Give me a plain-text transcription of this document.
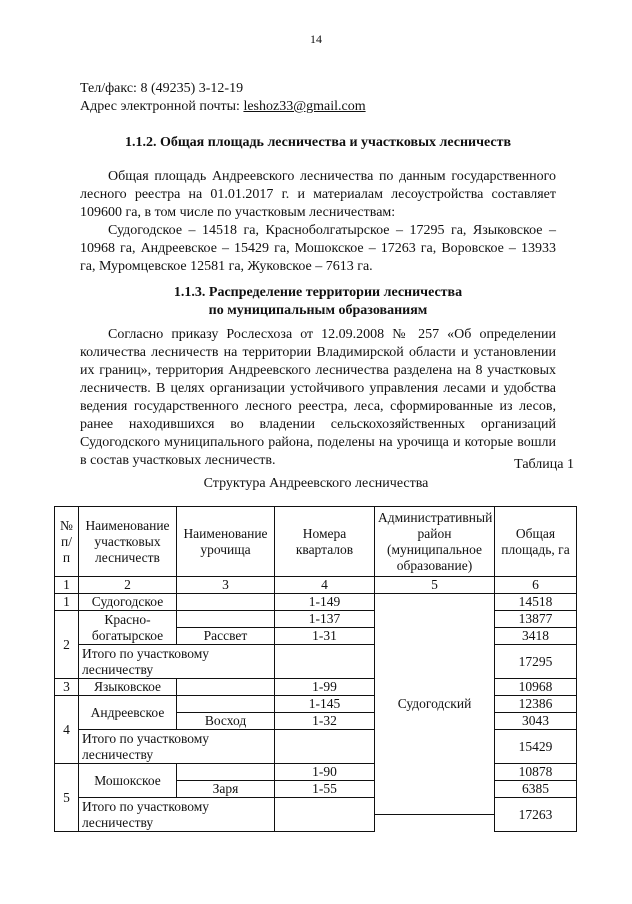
14
Тел/факс: 8 (49235) 3-12-19
Адрес электронной почты: leshoz33@gmail.com
1.1.2. Общая площадь лесничества и участковых лесничеств
Общая площадь Андреевского лесничества по данным государственного лесного реестра на 01.01.2017 г. и материалам лесоустройства составляет 109600 га, в том числе по участковым лесничествам:
Судогодское – 14518 га, Красноболгатырское – 17295 га, Языковское – 10968 га, Андреевское – 15429 га, Мошокское – 17263 га, Воровское – 13933 га, Муромцевское 12581 га, Жуковское – 7613 га.
1.1.3. Распределение территории лесничества
по муниципальным образованиям
Согласно приказу Рослесхоза от 12.09.2008 № 257 «Об определении количества лесничеств на территории Владимирской области и установлении их границ», территория Андреевского лесничества разделена на 8 участковых лесничеств. В целях организации устойчивого управления лесами и удобства ведения государственного лесного реестра, леса, сформированные из лесов, ранее находившихся во владении сельскохозяйственных организаций Судогодского муниципального района, поделены на урочища и которые вошли в состав участковых лесничеств.	Таблица 1
Структура Андреевского лесничества
№ п/п	Наименование участковых лесничеств	Наименование урочища	Номера кварталов	Административный район (муниципальное образование)	Общая площадь, га
1	2	3	4	5	6
1	Судогодское		1-149	Судогодский	14518
2	Красно-богатырское		1-137		13877
		Рассвет	1-31		3418
	Итого по участковому лесничеству				17295

3	Языковское		1-99		10968
4	Андреевское		1-145		12386
		Восход	1-32		3043
	Итого по участковому лесничеству				15429

5	Мошокское		1-90		10878
		Заря	1-55		6385
	Итого по участковому лесничеству				17263
